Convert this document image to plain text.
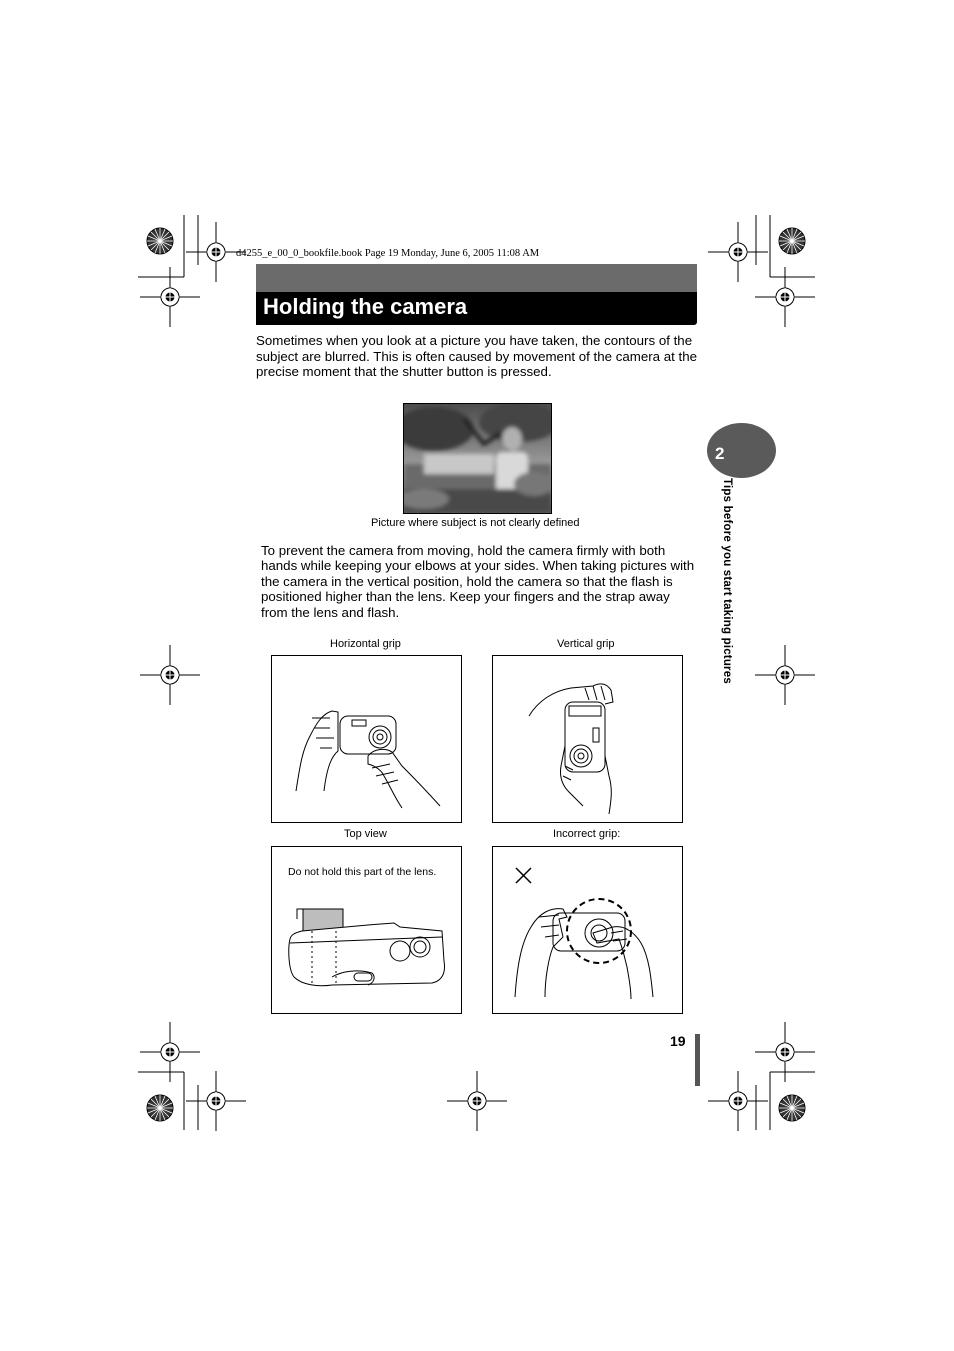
d4255_e_00_0_bookfile.book Page 19 Monday, June 6, 2005 11:08 AM
Holding the camera
Sometimes when you look at a picture you have taken, the contours of the subject are blurred. This is often caused by movement of the camera at the precise moment that the shutter button is pressed.
Picture where subject is not clearly defined
To prevent the camera from moving, hold the camera firmly with both hands while keeping your elbows at your sides. When taking pictures with the camera in the vertical position, hold the camera so that the flash is positioned higher than the lens. Keep your fingers and the strap away from the lens and flash.
Horizontal grip	Vertical grip
Top view	Incorrect grip:
Do not hold this part of the lens.
2
Tips before you start taking pictures
19
